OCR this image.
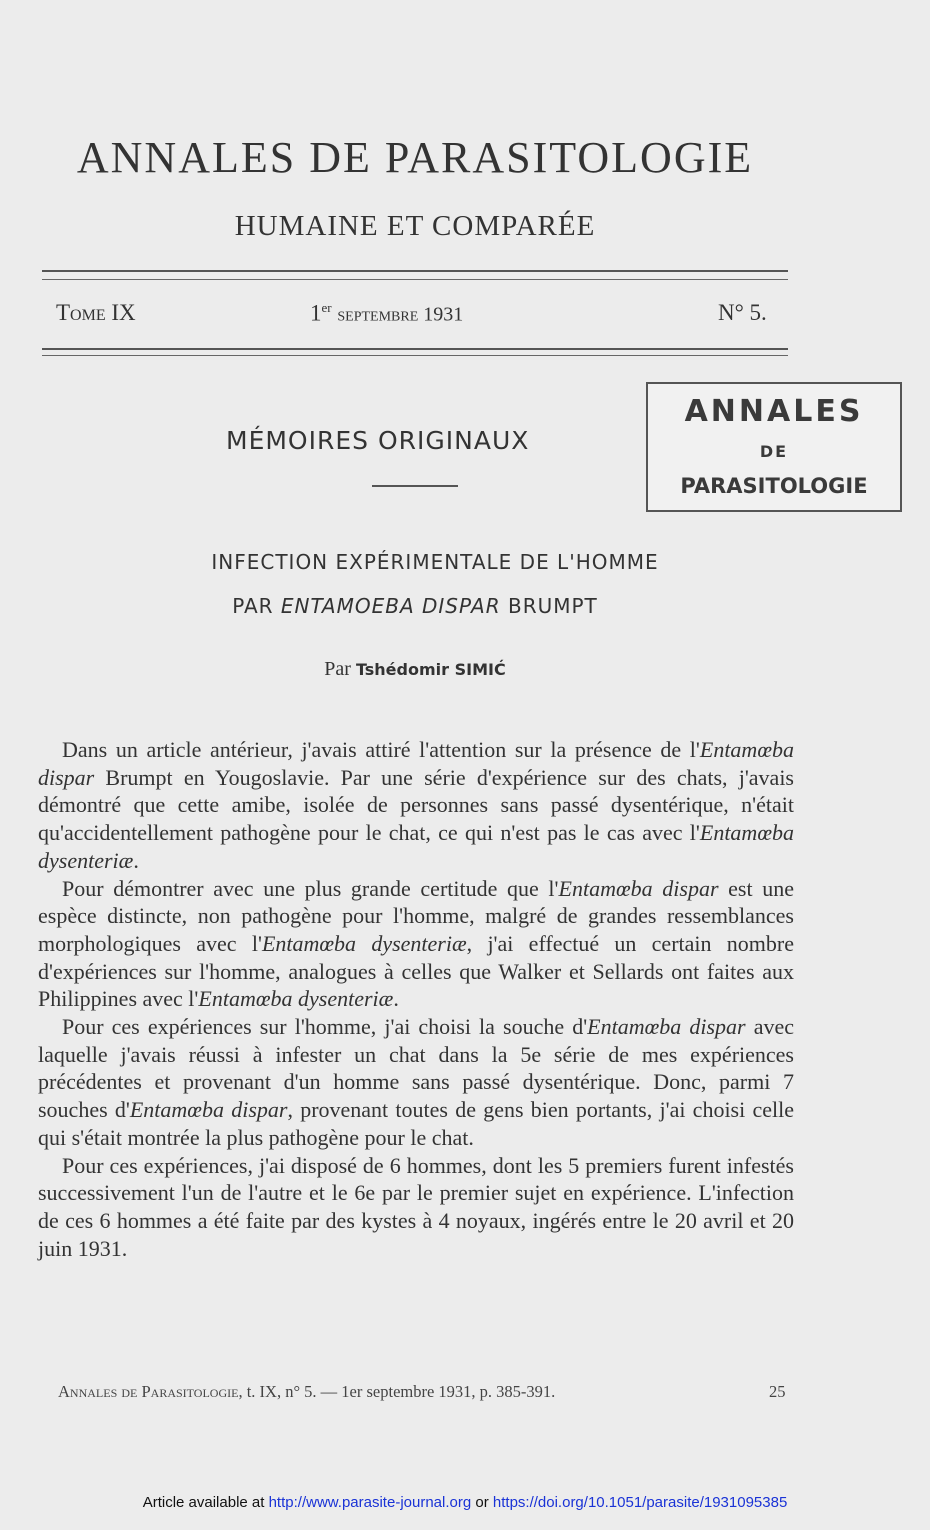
ANNALES DE PARASITOLOGIE
HUMAINE ET COMPARÉE
Tome IX	1er septembre 1931	N° 5.
ANNALES
DE
PARASITOLOGIE
MÉMOIRES ORIGINAUX
INFECTION EXPÉRIMENTALE DE L'HOMME
PAR ENTAMOEBA DISPAR BRUMPT
Par Tshédomir SIMIĆ

Dans un article antérieur, j'avais attiré l'attention sur la présence de l'Entamœba dispar Brumpt en Yougoslavie. Par une série d'expérience sur des chats, j'avais démontré que cette amibe, isolée de personnes sans passé dysentérique, n'était qu'accidentellement pathogène pour le chat, ce qui n'est pas le cas avec l'Entamœba dysenteriæ.

Pour démontrer avec une plus grande certitude que l'Entamœba dispar est une espèce distincte, non pathogène pour l'homme, malgré de grandes ressemblances morphologiques avec l'Entamœba dysenteriæ, j'ai effectué un certain nombre d'expériences sur l'homme, analogues à celles que Walker et Sellards ont faites aux Philippines avec l'Entamœba dysenteriæ.

Pour ces expériences sur l'homme, j'ai choisi la souche d'Entamœba dispar avec laquelle j'avais réussi à infester un chat dans la 5e série de mes expériences précédentes et provenant d'un homme sans passé dysentérique. Donc, parmi 7 souches d'Entamœba dispar, provenant toutes de gens bien portants, j'ai choisi celle qui s'était montrée la plus pathogène pour le chat.

Pour ces expériences, j'ai disposé de 6 hommes, dont les 5 premiers furent infestés successivement l'un de l'autre et le 6e par le premier sujet en expérience. L'infection de ces 6 hommes a été faite par des kystes à 4 noyaux, ingérés entre le 20 avril et 20 juin 1931.

Annales de Parasitologie, t. IX, n° 5. — 1er septembre 1931, p. 385-391.	25
Article available at http://www.parasite-journal.org or https://doi.org/10.1051/parasite/1931095385
